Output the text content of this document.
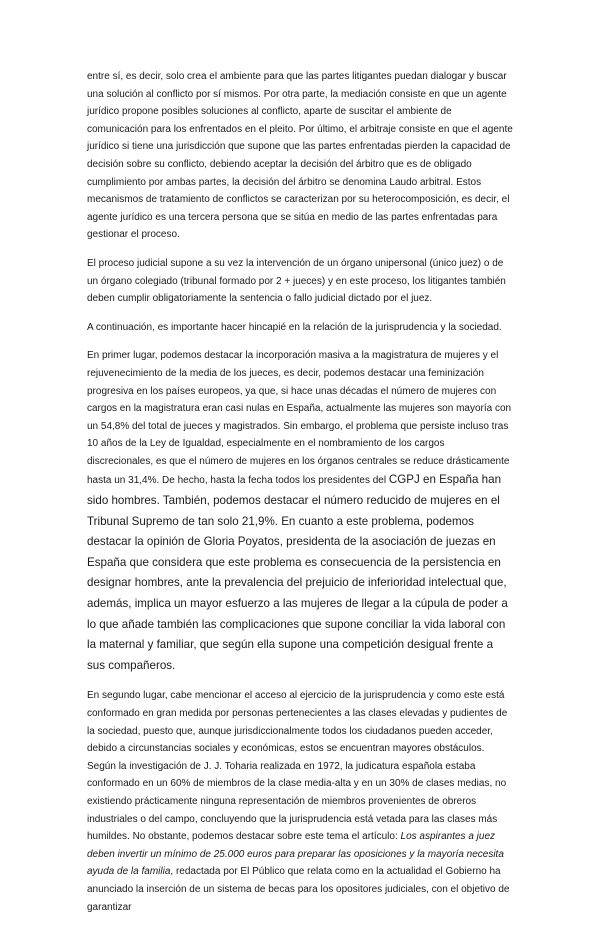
entre sí, es decir, solo crea el ambiente para que las partes litigantes puedan dialogar y buscar una solución al conflicto por sí mismos. Por otra parte, la mediación consiste en que un agente jurídico propone posibles soluciones al conflicto, aparte de suscitar el ambiente de comunicación para los enfrentados en el pleito. Por último, el arbitraje consiste en que el agente jurídico si tiene una jurisdicción que supone que las partes enfrentadas pierden la capacidad de decisión sobre su conflicto, debiendo aceptar la decisión del árbitro que es de obligado cumplimiento por ambas partes, la decisión del árbitro se denomina Laudo arbitral. Estos mecanismos de tratamiento de conflictos se caracterizan por su heterocomposición, es decir, el agente jurídico es una tercera persona que se sitúa en medio de las partes enfrentadas para gestionar el proceso.

El proceso judicial supone a su vez la intervención de un órgano unipersonal (único juez) o de un órgano colegiado (tribunal formado por 2 + jueces) y en este proceso, los litigantes también deben cumplir obligatoriamente la sentencia o fallo judicial dictado por el juez.

A continuación, es importante hacer hincapié en la relación de la jurisprudencia y la sociedad.

En primer lugar, podemos destacar la incorporación masiva a la magistratura de mujeres y el rejuvenecimiento de la media de los jueces, es decir, podemos destacar una feminización progresiva en los países europeos, ya que, si hace unas décadas el número de mujeres con cargos en la magistratura eran casi nulas en España, actualmente las mujeres son mayoría con un 54,8% del total de jueces y magistrados. Sin embargo, el problema que persiste incluso tras 10 años de la Ley de Igualdad, especialmente en el nombramiento de los cargos discrecionales, es que el número de mujeres en los órganos centrales se reduce drásticamente hasta un 31,4%. De hecho, hasta la fecha todos los presidentes del CGPJ en España han sido hombres. También, podemos destacar el número reducido de mujeres en el Tribunal Supremo de tan solo 21,9%. En cuanto a este problema, podemos destacar la opinión de Gloria Poyatos, presidenta de la asociación de juezas en España que considera que este problema es consecuencia de la persistencia en designar hombres, ante la prevalencia del prejuicio de inferioridad intelectual que, además, implica un mayor esfuerzo a las mujeres de llegar a la cúpula de poder a lo que añade también las complicaciones que supone conciliar la vida laboral con la maternal y familiar, que según ella supone una competición desigual frente a sus compañeros.

En segundo lugar, cabe mencionar el acceso al ejercicio de la jurisprudencia y como este está conformado en gran medida por personas pertenecientes a las clases elevadas y pudientes de la sociedad, puesto que, aunque jurisdiccionalmente todos los ciudadanos pueden acceder, debido a circunstancias sociales y económicas, estos se encuentran mayores obstáculos. Según la investigación de J. J. Toharia realizada en 1972, la judicatura española estaba conformado en un 60% de miembros de la clase media-alta y en un 30% de clases medias, no existiendo prácticamente ninguna representación de miembros provenientes de obreros industriales o del campo, concluyendo que la jurisprudencia está vetada para las clases más humildes. No obstante, podemos destacar sobre este tema el artículo: Los aspirantes a juez deben invertir un mínimo de 25.000 euros para preparar las oposiciones y la mayoría necesita ayuda de la familia, redactada por El Público que relata como en la actualidad el Gobierno ha anunciado la inserción de un sistema de becas para los opositores judiciales, con el objetivo de garantizar
